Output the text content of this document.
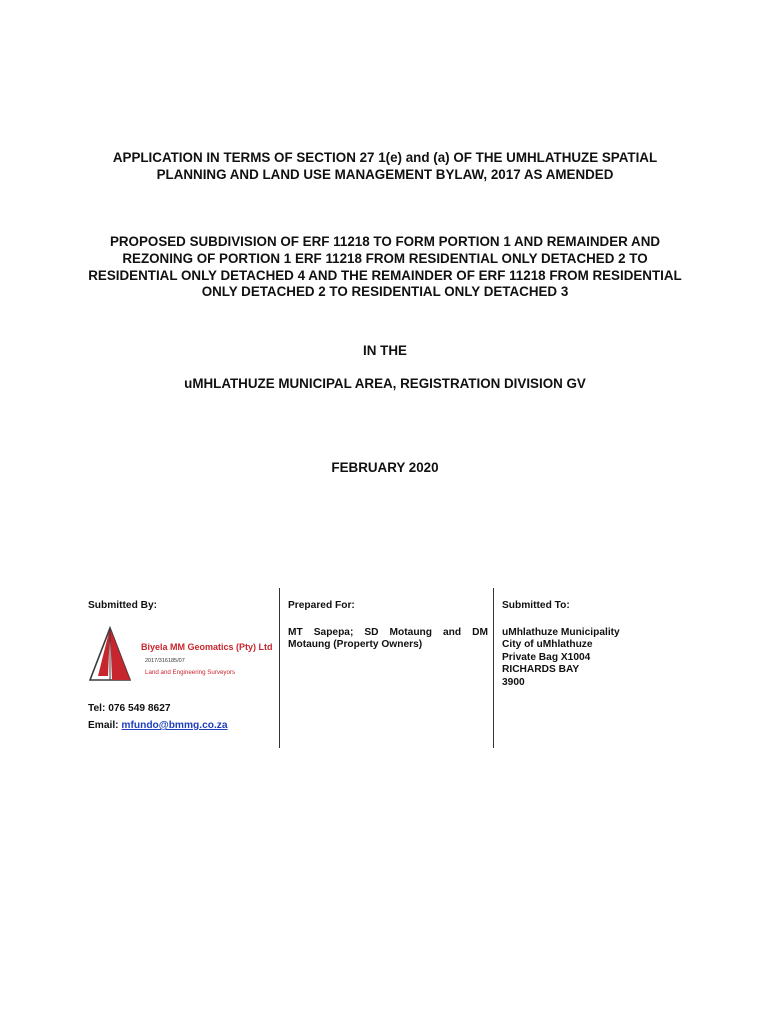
APPLICATION IN TERMS OF SECTION 27 1(e) and (a) OF THE UMHLATHUZE SPATIAL PLANNING AND LAND USE MANAGEMENT BYLAW, 2017 AS AMENDED

PROPOSED SUBDIVISION OF ERF 11218 TO FORM PORTION 1 AND REMAINDER AND REZONING OF PORTION 1 ERF 11218 FROM RESIDENTIAL ONLY DETACHED 2 TO RESIDENTIAL ONLY DETACHED 4 AND THE REMAINDER OF ERF 11218 FROM RESIDENTIAL ONLY DETACHED 2 TO RESIDENTIAL ONLY DETACHED 3

IN THE

uMHLATHUZE MUNICIPAL AREA, REGISTRATION DIVISION GV

FEBRUARY 2020

Submitted By:

Biyela MM Geomatics (Pty) Ltd
2017/316185/07
Land and Engineering Surveyors
Tel: 076 549 8627
Email: mfundo@bmmg.co.za

Prepared For:

MT Sapepa; SD Motaung and DM Motaung (Property Owners)

Submitted To:

uMhlathuze Municipality
City of uMhlathuze
Private Bag X1004
RICHARDS BAY
3900
